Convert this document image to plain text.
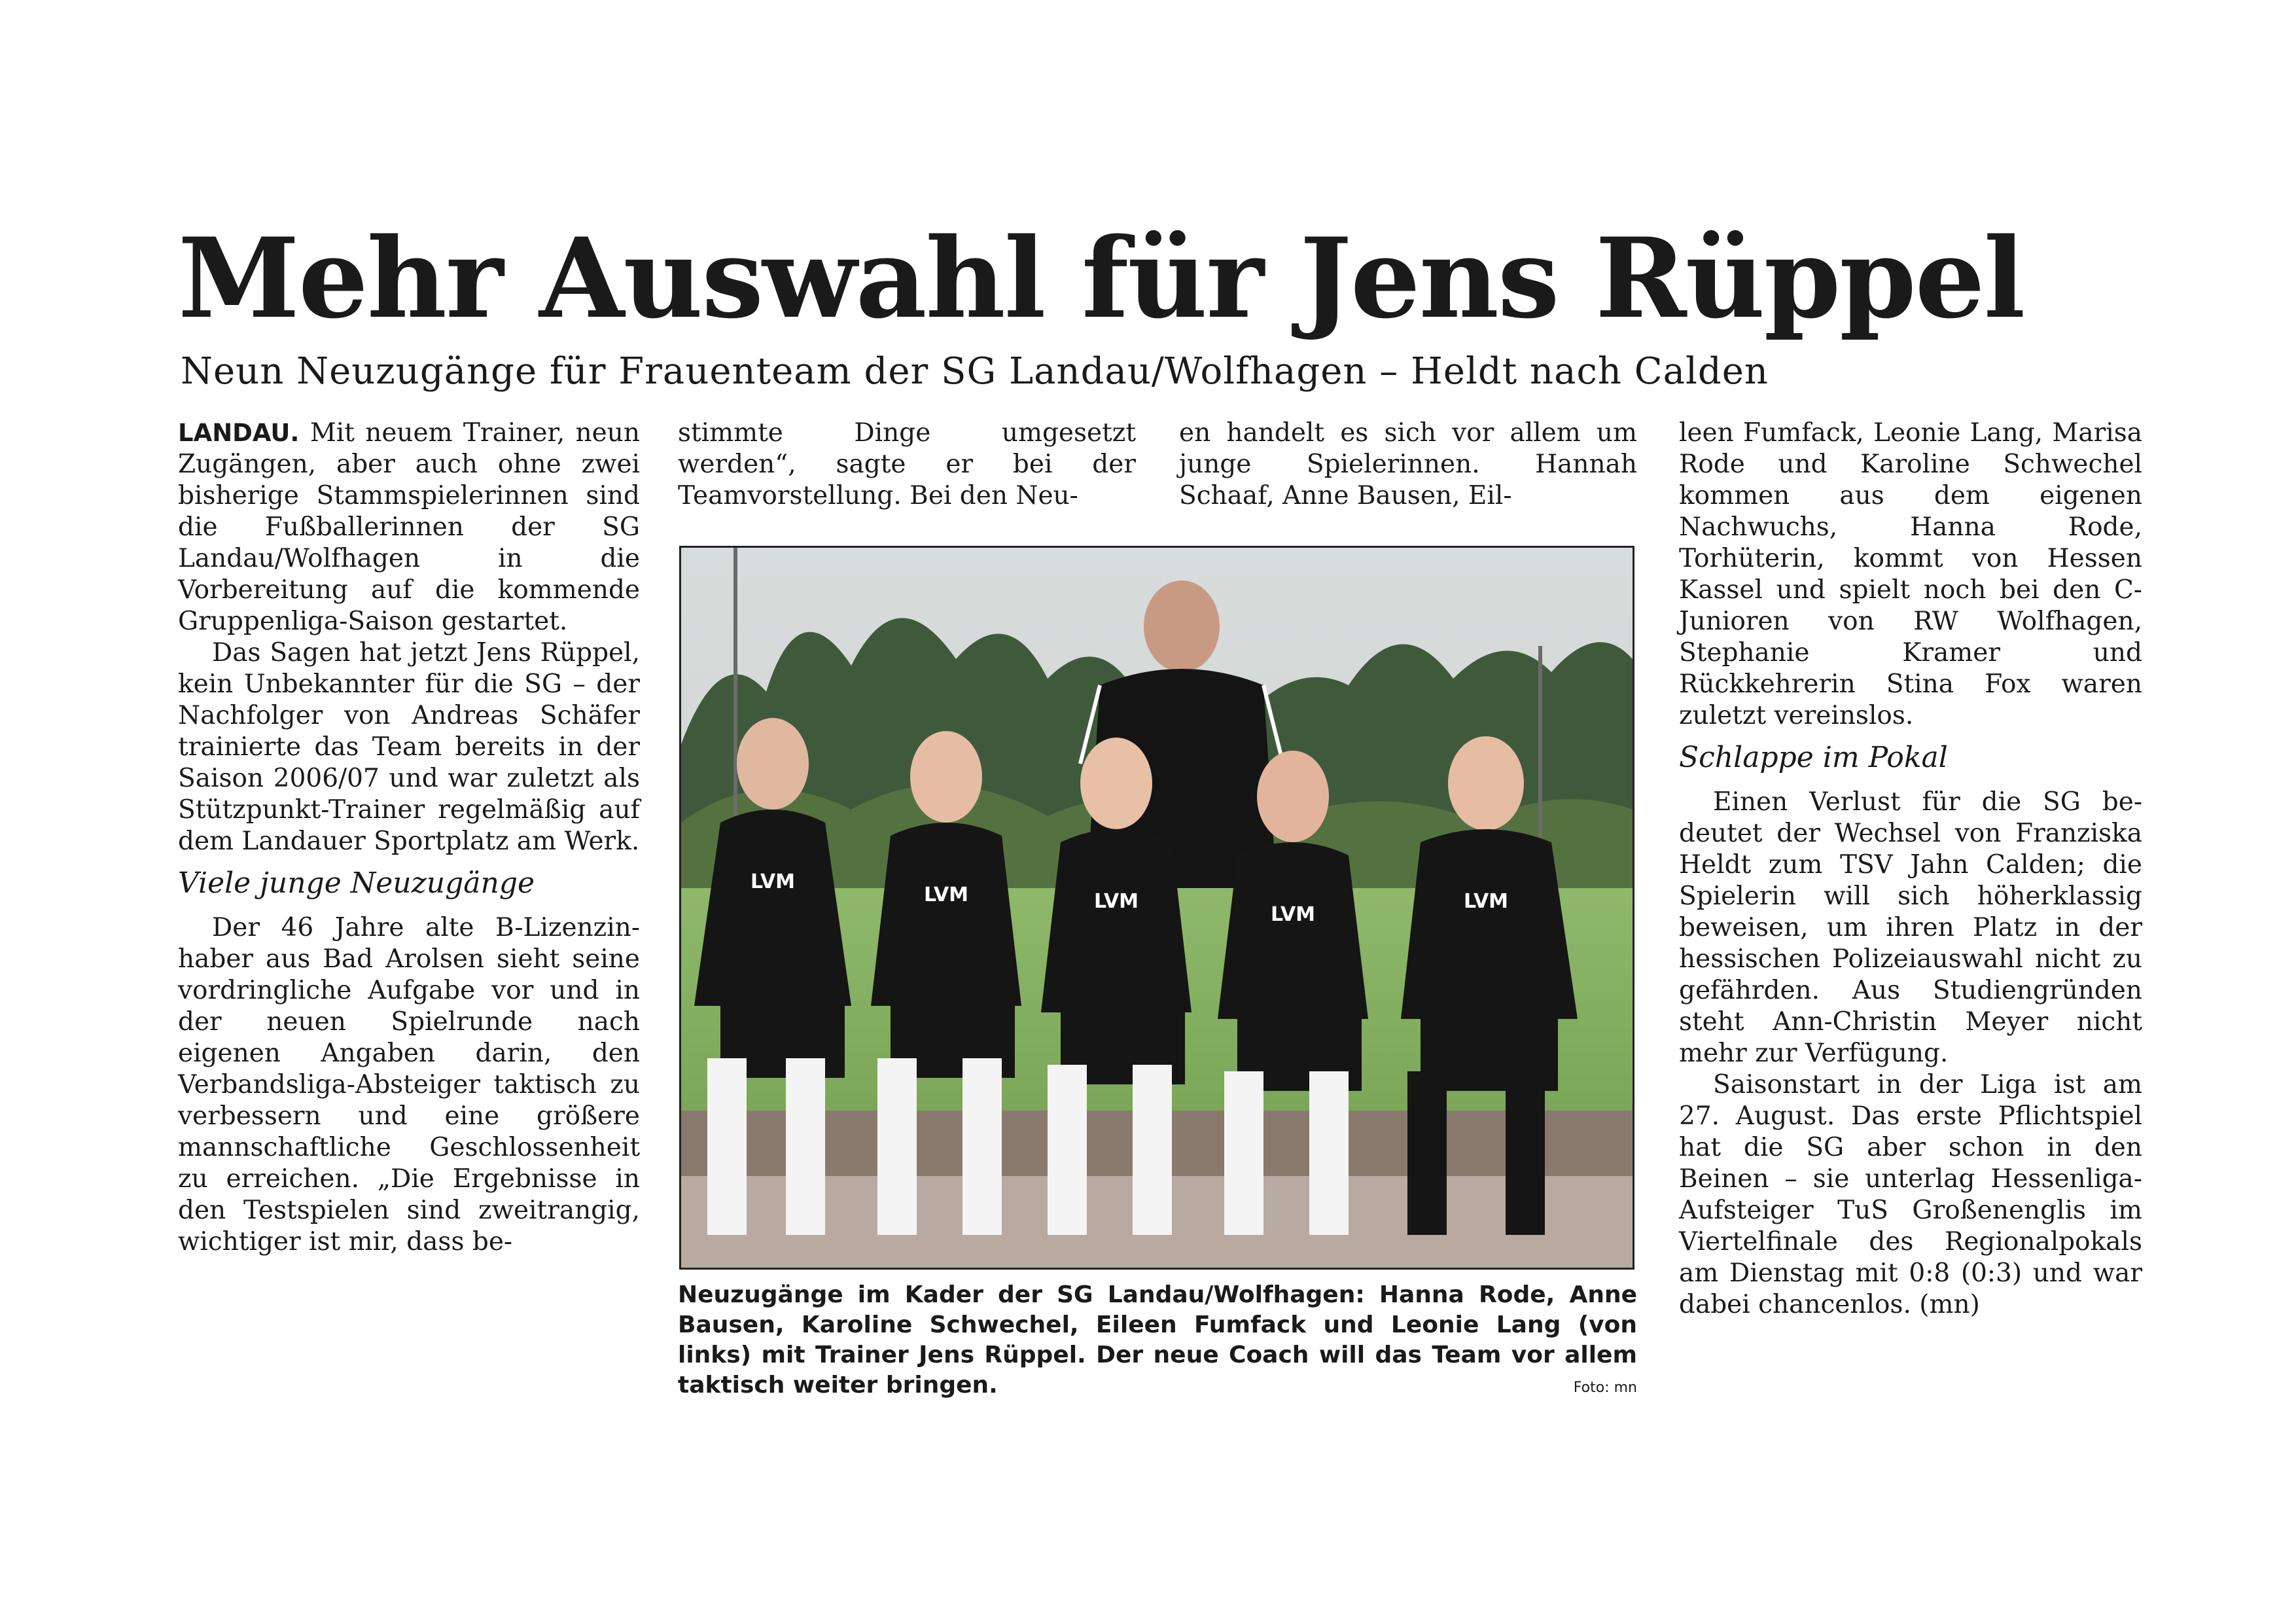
Mehr Auswahl für Jens Rüppel
Neun Neuzugänge für Frauenteam der SG Landau/Wolfhagen – Heldt nach Calden

LANDAU. Mit neuem Trainer, neun Zugängen, aber auch ohne zwei bisherige Stammspielerinnen sind die Fußballerinnen der SG Landau/Wolfhagen in die Vorbereitung auf die kommende Gruppenliga-Saison gestartet.

Das Sagen hat jetzt Jens Rüppel, kein Unbekannter für die SG – der Nachfolger von Andreas Schäfer trainierte das Team bereits in der Saison 2006/07 und war zuletzt als Stützpunkt-Trainer regelmäßig auf dem Landauer Sportplatz am Werk.

Viele junge Neuzugänge

Der 46 Jahre alte B-Lizenzinhaber aus Bad Arolsen sieht seine vordringliche Aufgabe vor und in der neuen Spielrunde nach eigenen Angaben darin, den Verbandsliga-Absteiger taktisch zu verbessern und eine größere mannschaftliche Geschlossenheit zu erreichen. „Die Ergebnisse in den Testspielen sind zweitrangig, wichtiger ist mir, dass be-

stimmte Dinge umgesetzt werden“, sagte er bei der Teamvorstellung. Bei den Neu-

en handelt es sich vor allem um junge Spielerinnen. Hannah Schaaf, Anne Bausen, Eil-

leen Fumfack, Leonie Lang, Marisa Rode und Karoline Schwechel kommen aus dem eigenen Nachwuchs, Hanna Rode, Torhüterin, kommt von Hessen Kassel und spielt noch bei den C-Junioren von RW Wolfhagen, Stephanie Kramer und Rückkehrerin Stina Fox waren zuletzt vereinslos.

Schlappe im Pokal

Einen Verlust für die SG bedeutet der Wechsel von Franziska Heldt zum TSV Jahn Calden; die Spielerin will sich höherklassig beweisen, um ihren Platz in der hessischen Polizeiauswahl nicht zu gefährden. Aus Studiengründen steht Ann-Christin Meyer nicht mehr zur Verfügung.

Saisonstart in der Liga ist am 27. August. Das erste Pflichtspiel hat die SG aber schon in den Beinen – sie unterlag Hessenliga-Aufsteiger TuS Großenenglis im Viertelfinale des Regionalpokals am Dienstag mit 0:8 (0:3) und war dabei chancenlos. (mn)

LVM
LVM	LVM
LVM
LVM
Neuzugänge im Kader der SG Landau/Wolfhagen: Hanna Rode, Anne Bausen, Karoline Schwechel, Eileen Fumfack und Leonie Lang (von links) mit Trainer Jens Rüppel. Der neue Coach will das Team vor allem taktisch weiter bringen.	Foto: mn
